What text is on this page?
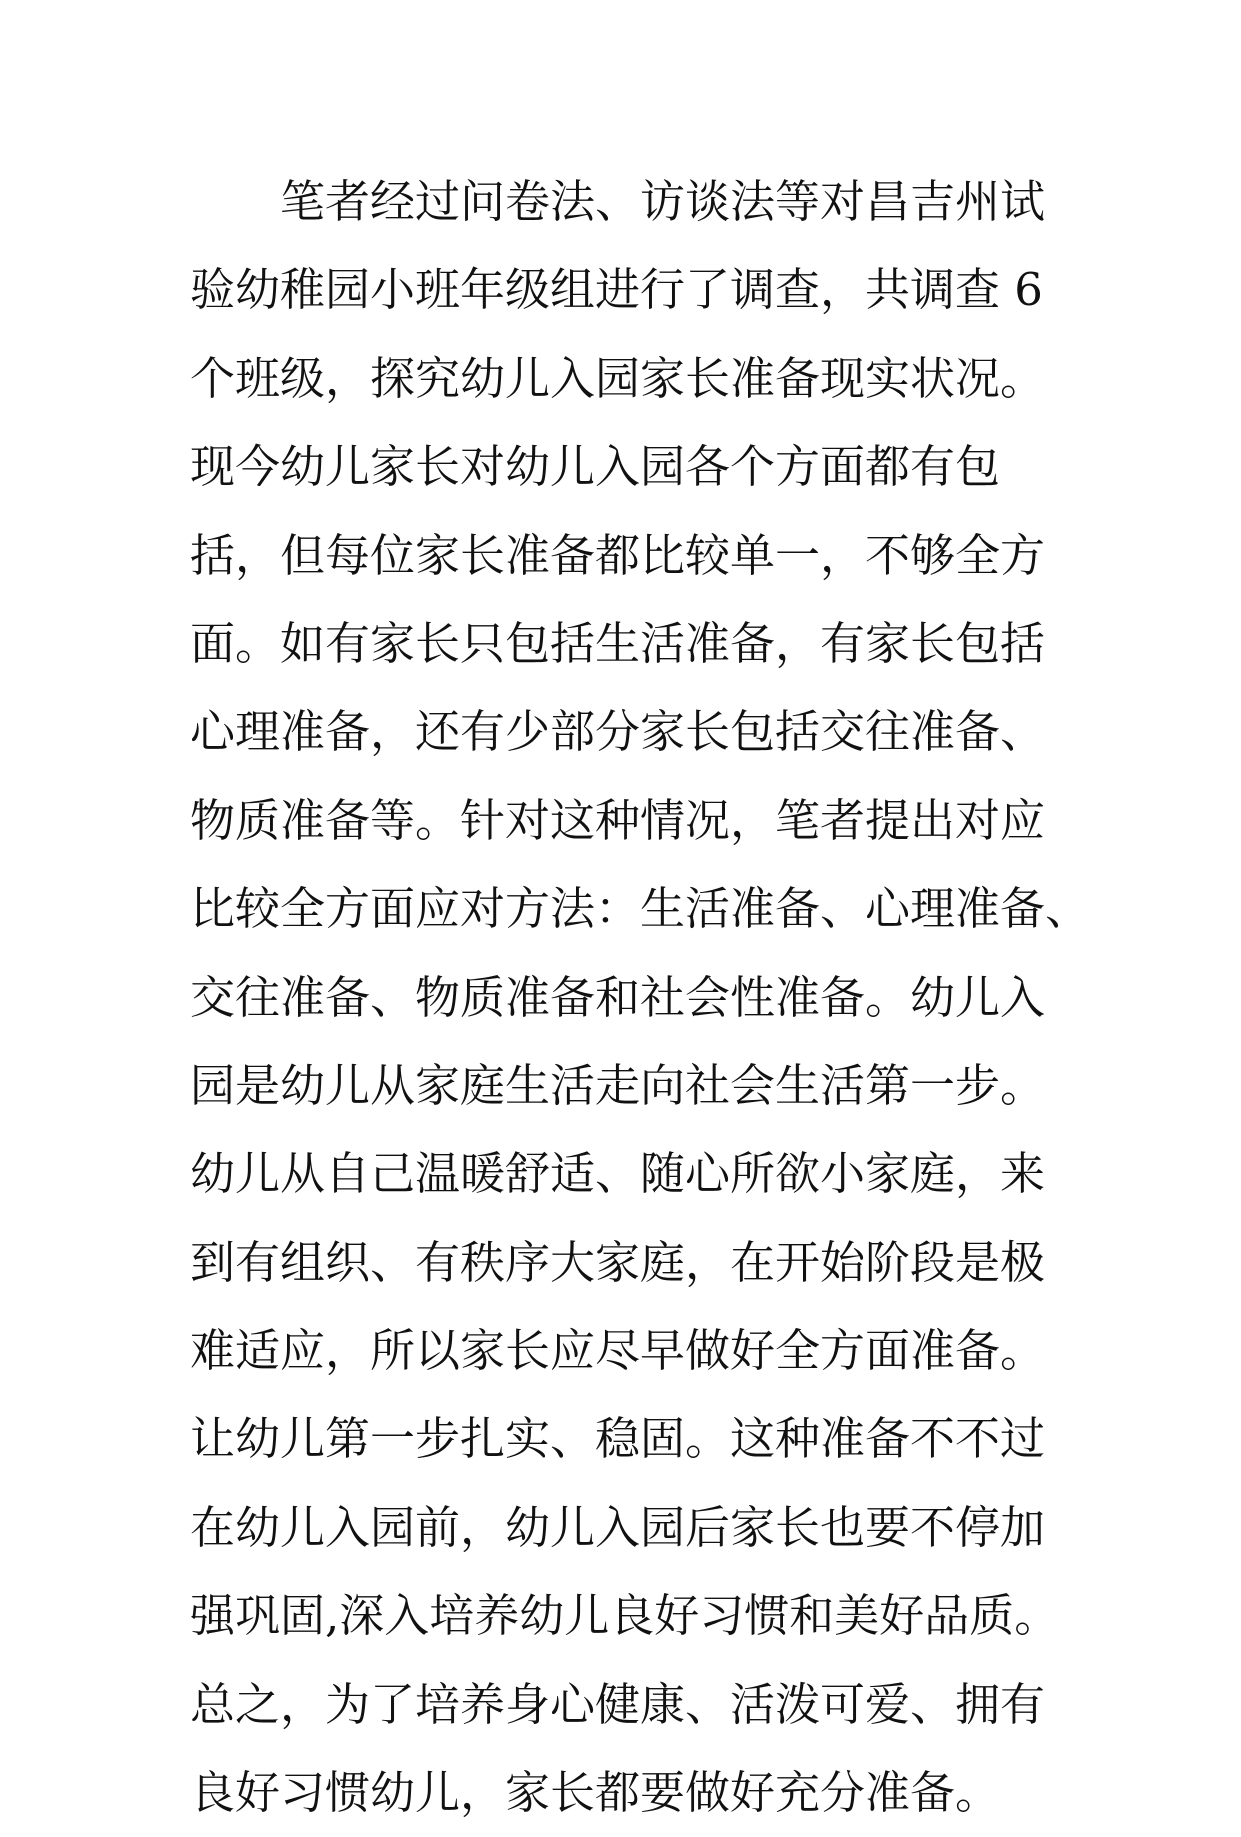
笔者经过问卷法、访谈法等对昌吉州试
验幼稚园小班年级组进行了调查，共调查 6
个班级，探究幼儿入园家长准备现实状况。
现今幼儿家长对幼儿入园各个方面都有包
括，但每位家长准备都比较单一，不够全方
面。如有家长只包括生活准备，有家长包括
心理准备，还有少部分家长包括交往准备、
物质准备等。针对这种情况，笔者提出对应
比较全方面应对方法：生活准备、心理准备、
交往准备、物质准备和社会性准备。幼儿入
园是幼儿从家庭生活走向社会生活第一步。
幼儿从自己温暖舒适、随心所欲小家庭，来
到有组织、有秩序大家庭，在开始阶段是极
难适应，所以家长应尽早做好全方面准备。
让幼儿第一步扎实、稳固。这种准备不不过
在幼儿入园前，幼儿入园后家长也要不停加
强巩固,深入培养幼儿良好习惯和美好品质。
总之，为了培养身心健康、活泼可爱、拥有
良好习惯幼儿，家长都要做好充分准备。
